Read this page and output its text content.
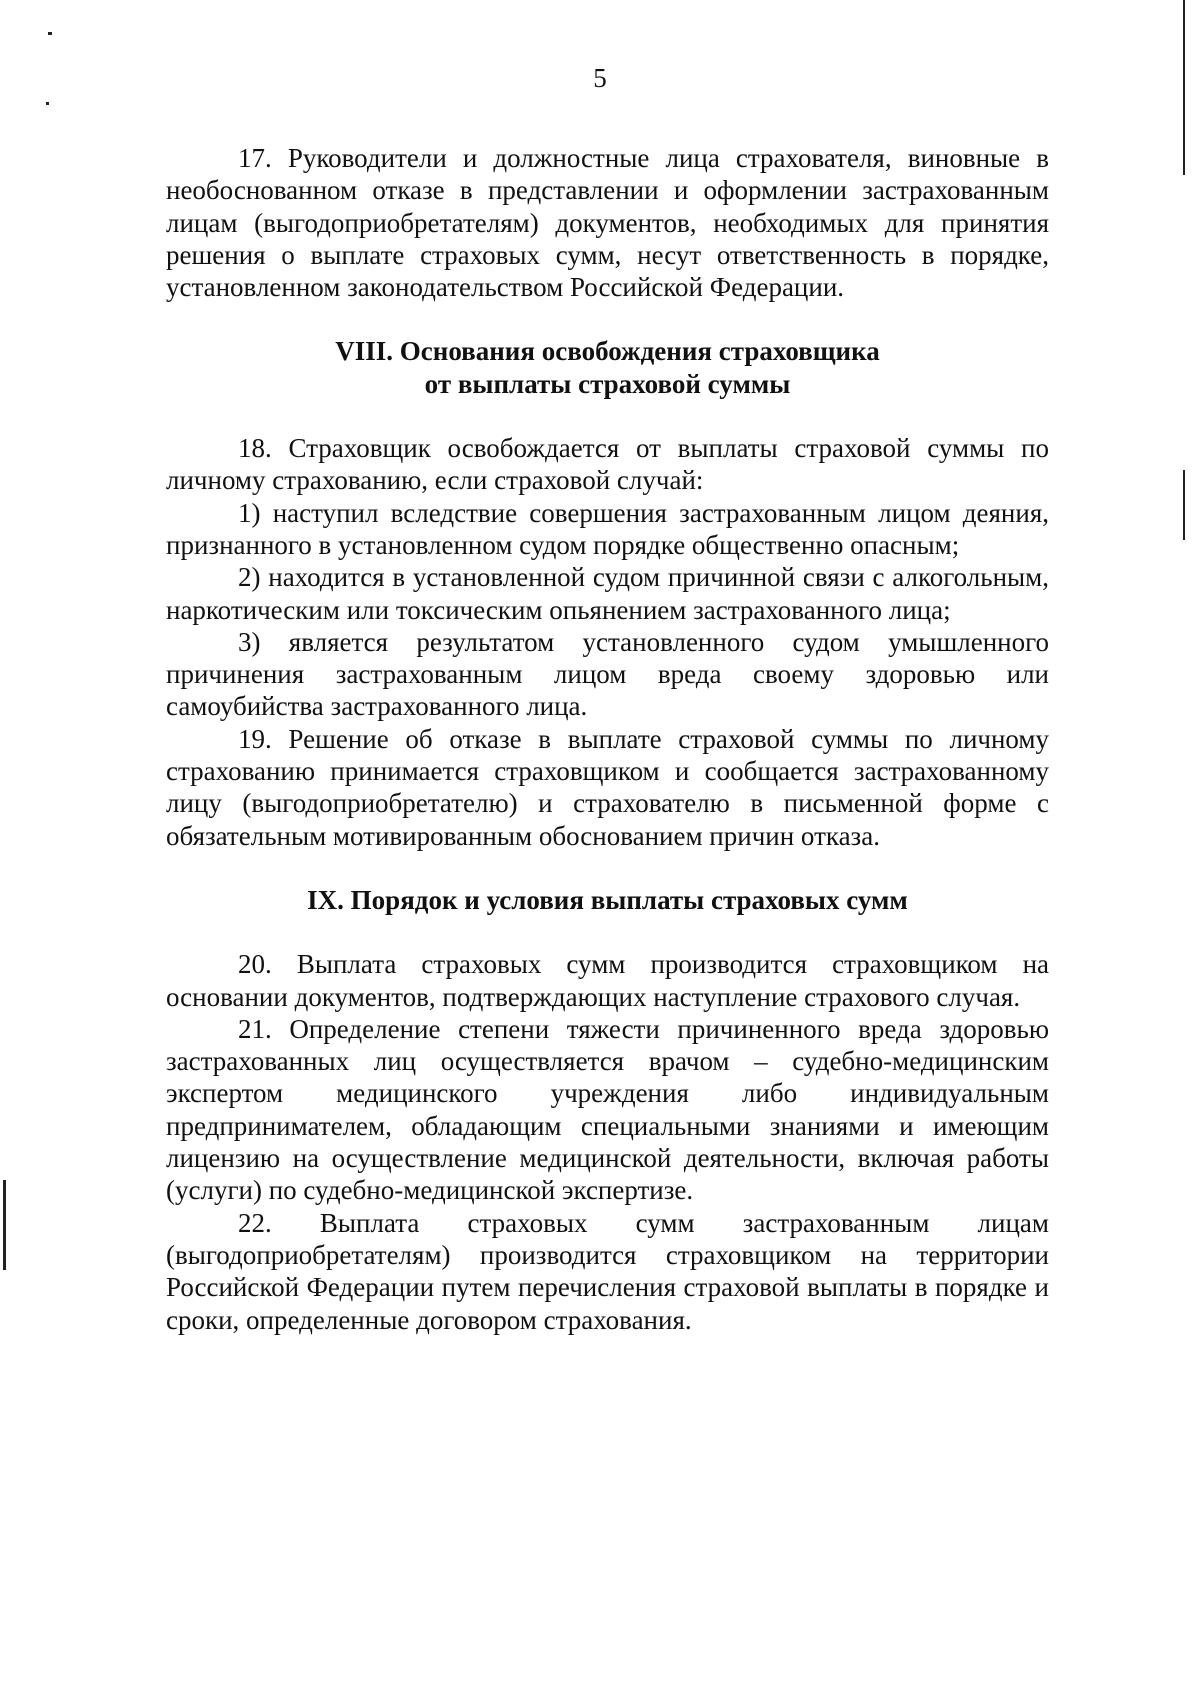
5

17. Руководители и должностные лица страхователя, виновные в необоснованном отказе в представлении и оформлении застрахованным лицам (выгодоприобретателям) документов, необходимых для принятия решения о выплате страховых сумм, несут ответственность в порядке, установленном законодательством Российской Федерации.

VIII. Основания освобождения страховщика

от выплаты страховой суммы

18. Страховщик освобождается от выплаты страховой суммы по личному страхованию, если страховой случай:

1) наступил вследствие совершения застрахованным лицом деяния, признанного в установленном судом порядке общественно опасным;

2) находится в установленной судом причинной связи с алкогольным, наркотическим или токсическим опьянением застрахованного лица;

3) является результатом установленного судом умышленного причинения застрахованным лицом вреда своему здоровью или самоубийства застрахованного лица.

19. Решение об отказе в выплате страховой суммы по личному страхованию принимается страховщиком и сообщается застрахованному лицу (выгодоприобретателю) и страхователю в письменной форме с обязательным мотивированным обоснованием причин отказа.

IX. Порядок и условия выплаты страховых сумм

20. Выплата страховых сумм производится страховщиком на основании документов, подтверждающих наступление страхового случая.

21. Определение степени тяжести причиненного вреда здоровью застрахованных лиц осуществляется врачом – судебно-медицинским экспертом медицинского учреждения либо индивидуальным предпринимателем, обладающим специальными знаниями и имеющим лицензию на осуществление медицинской деятельности, включая работы (услуги) по судебно-медицинской экспертизе.

22. Выплата страховых сумм застрахованным лицам (выгодоприобретателям) производится страховщиком на территории Российской Федерации путем перечисления страховой выплаты в порядке и сроки, определенные договором страхования.
